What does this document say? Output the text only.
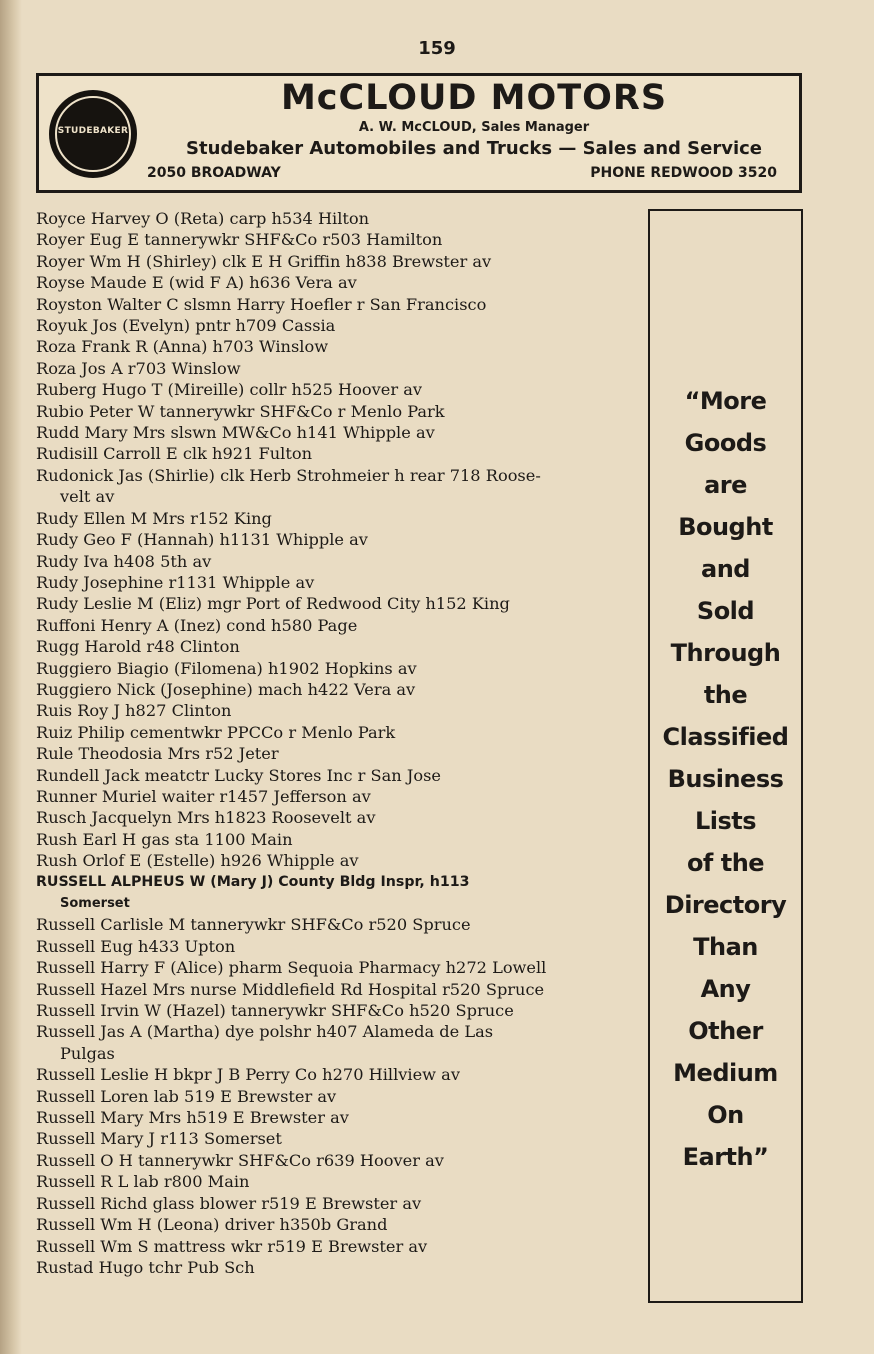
159
STUDEBAKER
McCLOUD MOTORS
A. W. McCLOUD, Sales Manager
Studebaker Automobiles and Trucks — Sales and Service
2050 BROADWAY	PHONE REDWOOD 3520
Royce Harvey O (Reta) carp h534 Hilton
Royer Eug E tannerywkr SHF&Co r503 Hamilton
Royer Wm H (Shirley) clk E H Griffin h838 Brewster av
Royse Maude E (wid F A) h636 Vera av
Royston Walter C slsmn Harry Hoefler r San Francisco
Royuk Jos (Evelyn) pntr h709 Cassia
Roza Frank R (Anna) h703 Winslow
Roza Jos A r703 Winslow
Ruberg Hugo T (Mireille) collr h525 Hoover av
Rubio Peter W tannerywkr SHF&Co r Menlo Park
Rudd Mary Mrs slswn MW&Co h141 Whipple av
Rudisill Carroll E clk h921 Fulton
Rudonick Jas (Shirlie) clk Herb Strohmeier h rear 718 Roose-
velt av
Rudy Ellen M Mrs r152 King
Rudy Geo F (Hannah) h1131 Whipple av
Rudy Iva h408 5th av
Rudy Josephine r1131 Whipple av
Rudy Leslie M (Eliz) mgr Port of Redwood City h152 King
Ruffoni Henry A (Inez) cond h580 Page
Rugg Harold r48 Clinton
Ruggiero Biagio (Filomena) h1902 Hopkins av
Ruggiero Nick (Josephine) mach h422 Vera av
Ruis Roy J h827 Clinton
Ruiz Philip cementwkr PPCCo r Menlo Park
Rule Theodosia Mrs r52 Jeter
Rundell Jack meatctr Lucky Stores Inc r San Jose
Runner Muriel waiter r1457 Jefferson av
Rusch Jacquelyn Mrs h1823 Roosevelt av
Rush Earl H gas sta 1100 Main
Rush Orlof E (Estelle) h926 Whipple av
RUSSELL ALPHEUS W (Mary J) County Bldg Inspr, h113
Somerset
Russell Carlisle M tannerywkr SHF&Co r520 Spruce
Russell Eug h433 Upton
Russell Harry F (Alice) pharm Sequoia Pharmacy h272 Lowell
Russell Hazel Mrs nurse Middlefield Rd Hospital r520 Spruce
Russell Irvin W (Hazel) tannerywkr SHF&Co h520 Spruce
Russell Jas A (Martha) dye polshr h407 Alameda de Las
Pulgas
Russell Leslie H bkpr J B Perry Co h270 Hillview av
Russell Loren lab 519 E Brewster av
Russell Mary Mrs h519 E Brewster av
Russell Mary J r113 Somerset
Russell O H tannerywkr SHF&Co r639 Hoover av
Russell R L lab r800 Main
Russell Richd glass blower r519 E Brewster av
Russell Wm H (Leona) driver h350b Grand
Russell Wm S mattress wkr r519 E Brewster av
Rustad Hugo tchr Pub Sch
“More
Goods
are
Bought
and
Sold
Through
the
Classified
Business
Lists
of the
Directory
Than
Any
Other
Medium
On
Earth”
